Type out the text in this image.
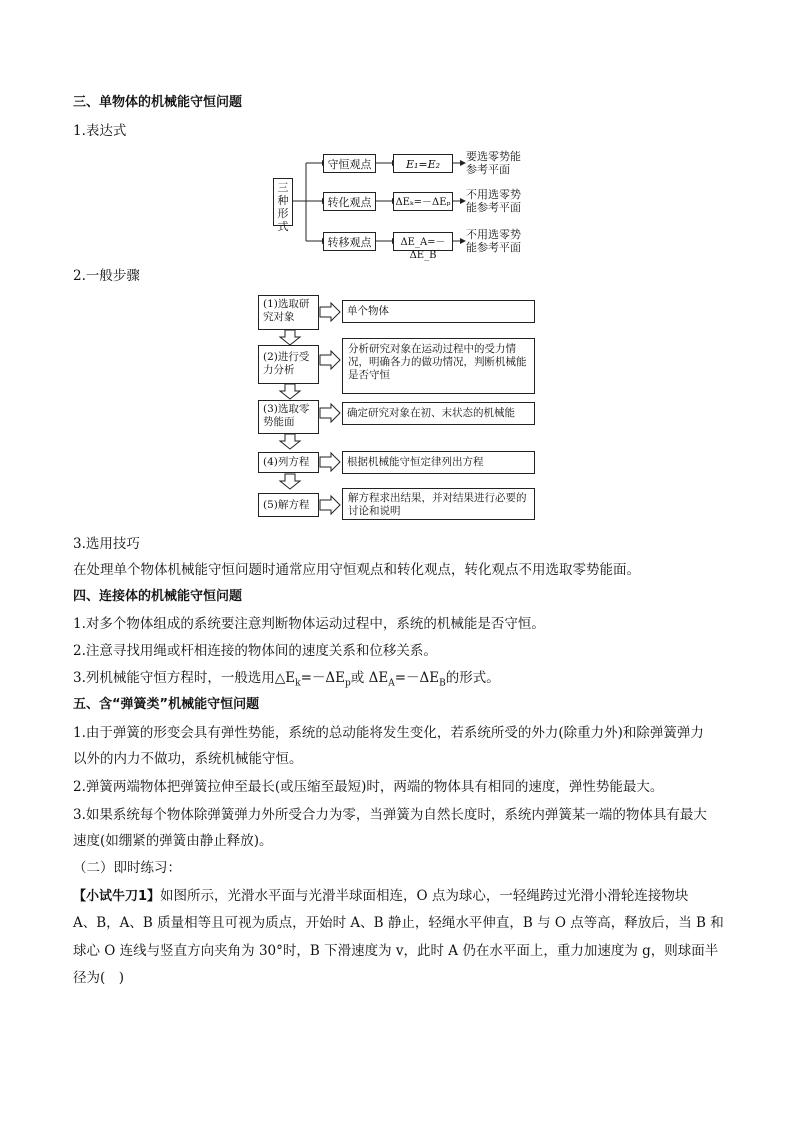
三、单物体的机械能守恒问题
1.表达式
三种形式
守恒观点
转化观点
转移观点
E₁=E₂
ΔEₖ=－ΔEₚ
ΔE_A=－ΔE_B
要选零势能
参考平面
不用选零势
能参考平面
不用选零势
能参考平面
2.一般步骤
(1)选取研究对象
(2)进行受力分析
(3)选取零势能面
(4)列方程
(5)解方程
单个物体
分析研究对象在运动过程中的受力情况，明确各力的做功情况，判断机械能是否守恒
确定研究对象在初、末状态的机械能
根据机械能守恒定律列出方程
解方程求出结果，并对结果进行必要的讨论和说明
3.选用技巧
在处理单个物体机械能守恒问题时通常应用守恒观点和转化观点，转化观点不用选取零势能面。
四、连接体的机械能守恒问题
1.对多个物体组成的系统要注意判断物体运动过程中，系统的机械能是否守恒。
2.注意寻找用绳或杆相连接的物体间的速度关系和位移关系。
3.列机械能守恒方程时，一般选用$\triangle E_k=-\Delta E_p$或 $\Delta E_A=-\Delta E_B$的形式。
五、含“弹簧类”机械能守恒问题
1.由于弹簧的形变会具有弹性势能，系统的总动能将发生变化，若系统所受的外力(除重力外)和除弹簧弹力
以外的内力不做功，系统机械能守恒。
2.弹簧两端物体把弹簧拉伸至最长(或压缩至最短)时，两端的物体具有相同的速度，弹性势能最大。
3.如果系统每个物体除弹簧弹力外所受合力为零，当弹簧为自然长度时，系统内弹簧某一端的物体具有最大
速度(如绷紧的弹簧由静止释放)。
（二）即时练习：
【小试牛刀1】如图所示，光滑水平面与光滑半球面相连，O 点为球心，一轻绳跨过光滑小滑轮连接物块
A、B，A、B 质量相等且可视为质点，开始时 A、B 静止，轻绳水平伸直，B 与 O 点等高，释放后，当 B 和
球心 O 连线与竖直方向夹角为 30°时，B 下滑速度为 v，此时 A 仍在水平面上，重力加速度为 g，则球面半
径为(　)
